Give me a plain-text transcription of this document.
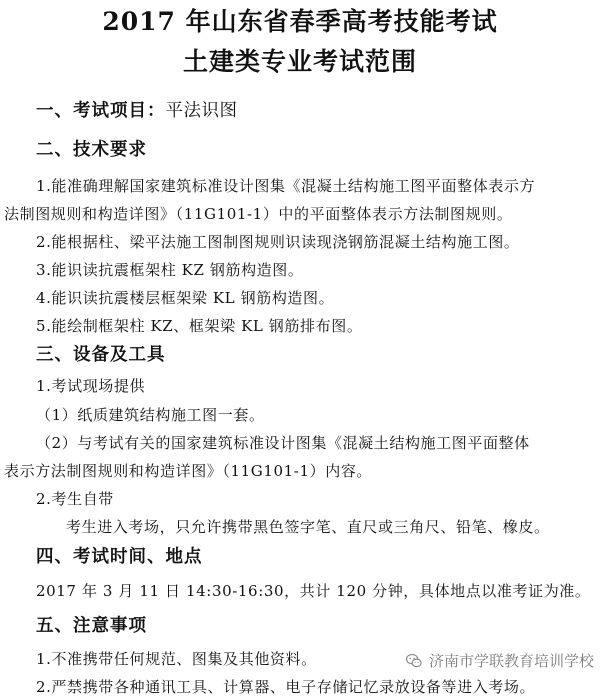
2017 年山东省春季高考技能考试
土建类专业考试范围
一、考试项目：平法识图
二、技术要求
1.能准确理解国家建筑标准设计图集《混凝土结构施工图平面整体表示方
法制图规则和构造详图》（11G101-1）中的平面整体表示方法制图规则。
2.能根据柱、梁平法施工图制图规则识读现浇钢筋混凝土结构施工图。
3.能识读抗震框架柱 KZ 钢筋构造图。
4.能识读抗震楼层框架梁 KL 钢筋构造图。
5.能绘制框架柱 KZ、框架梁 KL 钢筋排布图。
三、设备及工具
1.考试现场提供
（1）纸质建筑结构施工图一套。
（2）与考试有关的国家建筑标准设计图集《混凝土结构施工图平面整体
表示方法制图规则和构造详图》（11G101-1）内容。
2.考生自带
考生进入考场，只允许携带黑色签字笔、直尺或三角尺、铅笔、橡皮。
四、考试时间、地点
2017 年 3 月 11 日 14:30-16:30，共计 120 分钟，具体地点以准考证为准。
五、注意事项
1.不准携带任何规范、图集及其他资料。
2.严禁携带各种通讯工具、计算器、电子存储记忆录放设备等进入考场。
济南市学联教育培训学校
